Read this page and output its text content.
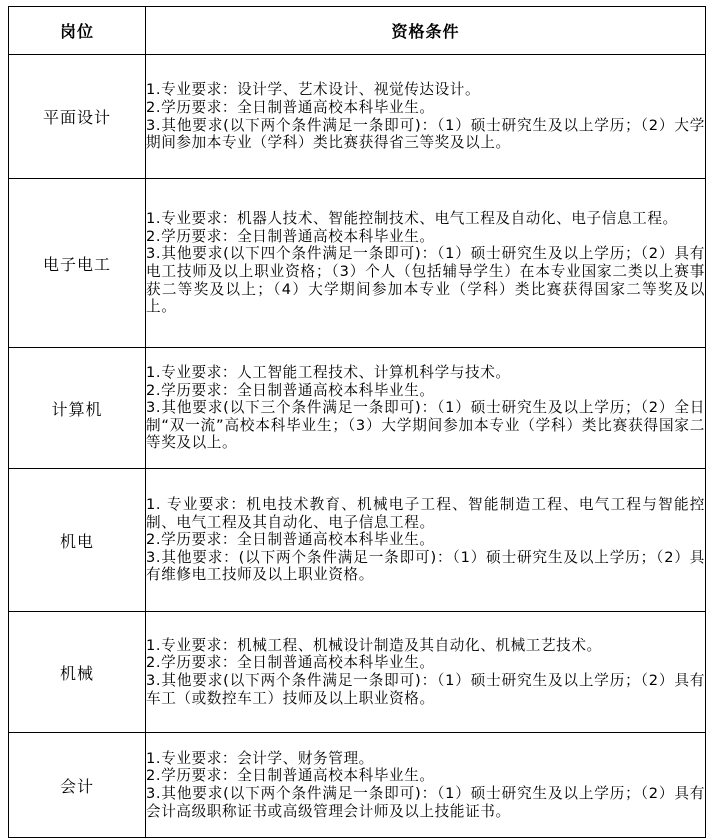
岗位	资格条件
平面设计	1.专业要求：设计学、艺术设计、视觉传达设计。
2.学历要求：全日制普通高校本科毕业生。
3.其他要求(以下两个条件满足一条即可)：（1）硕士研究生及以上学历；（2）大学期间参加本专业（学科）类比赛获得省三等奖及以上。

电子电工	1.专业要求：机器人技术、智能控制技术、电气工程及自动化、电子信息工程。
2.学历要求：全日制普通高校本科毕业生。
3.其他要求(以下四个条件满足一条即可)：（1）硕士研究生及以上学历；（2）具有电工技师及以上职业资格；（3）个人（包括辅导学生）在本专业国家二类以上赛事获二等奖及以上；（4）大学期间参加本专业（学科）类比赛获得国家二等奖及以上。

计算机	1.专业要求：人工智能工程技术、计算机科学与技术。
2.学历要求：全日制普通高校本科毕业生。
3.其他要求(以下三个条件满足一条即可)：（1）硕士研究生及以上学历；（2）全日制“双一流”高校本科毕业生；（3）大学期间参加本专业（学科）类比赛获得国家二等奖及以上。

机电	1. 专业要求：机电技术教育、机械电子工程、智能制造工程、电气工程与智能控制、电气工程及其自动化、电子信息工程。
2.学历要求：全日制普通高校本科毕业生。
3.其他要求：(以下两个条件满足一条即可)：（1）硕士研究生及以上学历；（2）具有维修电工技师及以上职业资格。

机械	1.专业要求：机械工程、机械设计制造及其自动化、机械工艺技术。
2.学历要求：全日制普通高校本科毕业生。
3.其他要求(以下两个条件满足一条即可)：（1）硕士研究生及以上学历；（2）具有车工（或数控车工）技师及以上职业资格。

会计	1.专业要求：会计学、财务管理。
2.学历要求：全日制普通高校本科毕业生。
3.其他要求(以下两个条件满足一条即可)：（1）硕士研究生及以上学历；（2）具有会计高级职称证书或高级管理会计师及以上技能证书。
